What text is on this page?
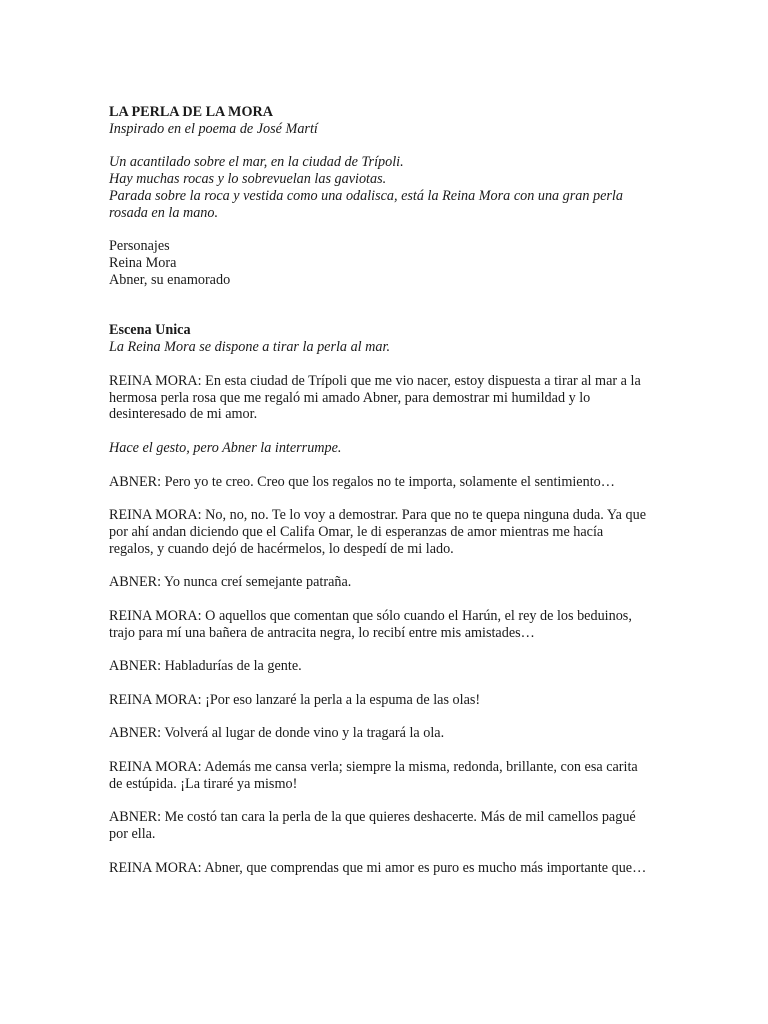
LA PERLA DE LA MORA
Inspirado en el poema de José Martí

Un acantilado sobre el mar, en la ciudad de Trípoli.
Hay muchas rocas y lo sobrevuelan las gaviotas.
Parada sobre la roca y vestida como una odalisca, está la Reina Mora con una gran perla rosada en la mano.

Personajes
Reina Mora
Abner, su enamorado

Escena Unica

La Reina Mora se dispone a tirar la perla al mar.

REINA MORA: En esta ciudad de Trípoli que me vio nacer, estoy dispuesta a tirar al mar a la hermosa perla rosa que me regaló mi amado Abner, para demostrar mi humildad y lo desinteresado de mi amor.

Hace el gesto, pero Abner la interrumpe.

ABNER: Pero yo te creo. Creo que los regalos no te importa, solamente el sentimiento…

REINA MORA: No, no, no. Te lo voy a demostrar. Para que no te quepa ninguna duda. Ya que por ahí andan diciendo que el Califa Omar, le di esperanzas de amor mientras me hacía regalos, y cuando dejó de hacérmelos, lo despedí de mi lado.

ABNER: Yo nunca creí semejante patraña.

REINA MORA: O aquellos que comentan que sólo cuando el Harún, el rey de los beduinos, trajo para mí una bañera de antracita negra, lo recibí entre mis amistades…

ABNER: Habladurías de la gente.

REINA MORA: ¡Por eso lanzaré la perla a la espuma de las olas!

ABNER: Volverá al lugar de donde vino y la tragará la ola.

REINA MORA: Además me cansa verla; siempre la misma, redonda, brillante, con esa carita de estúpida. ¡La tiraré ya mismo!

ABNER: Me costó tan cara la perla de la que quieres deshacerte. Más de mil camellos pagué por ella.

REINA MORA: Abner, que comprendas que mi amor es puro es mucho más importante que…
